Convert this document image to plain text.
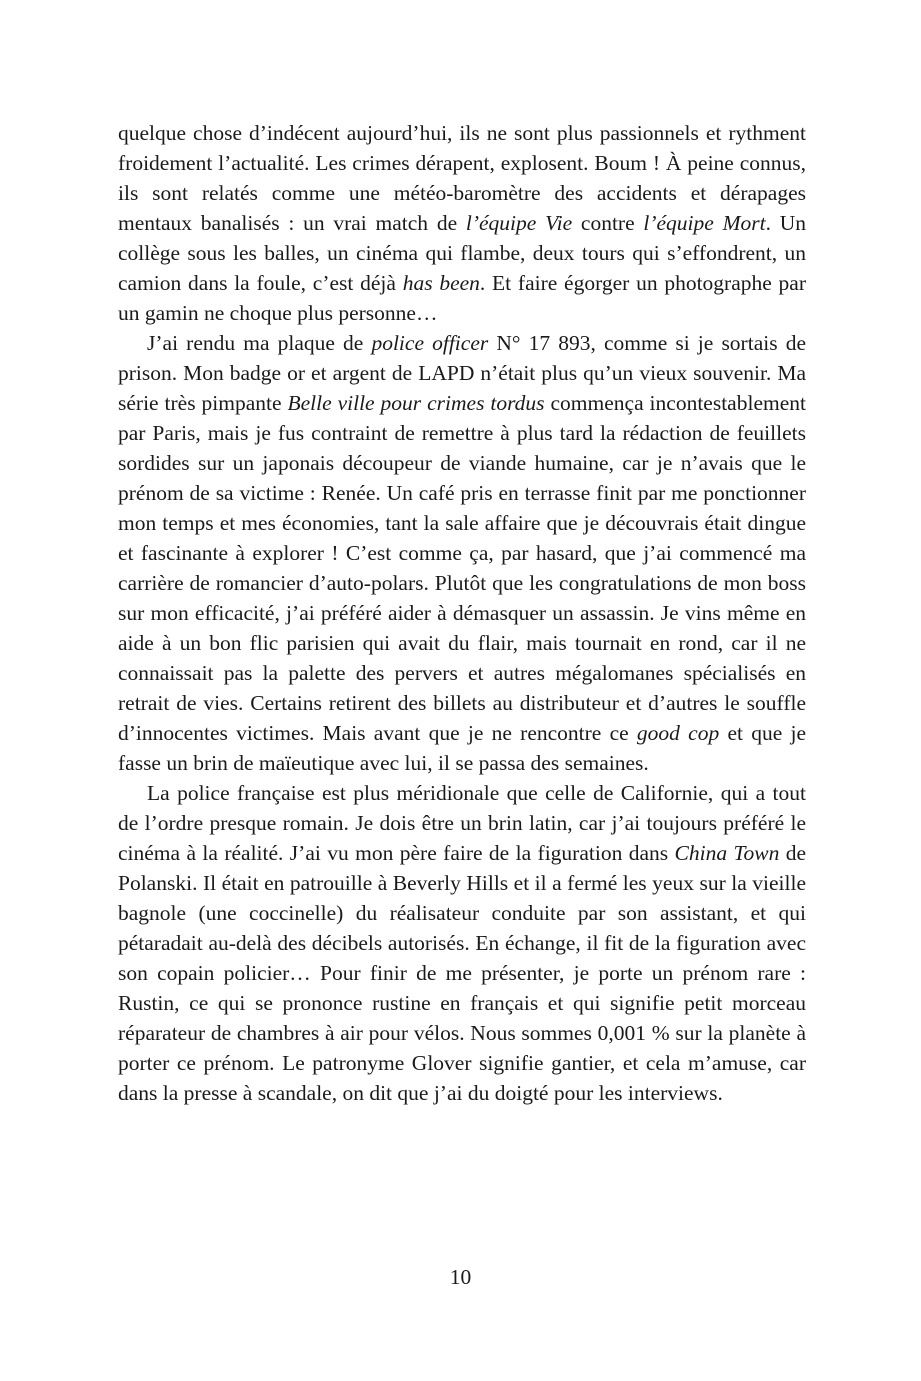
quelque chose d’indécent aujourd’hui, ils ne sont plus passionnels et rythment froidement l’actualité. Les crimes dérapent, explosent. Boum ! À peine connus, ils sont relatés comme une météo-baromètre des accidents et dérapages mentaux banalisés : un vrai match de l’équipe Vie contre l’équipe Mort. Un collège sous les balles, un cinéma qui flambe, deux tours qui s’effondrent, un camion dans la foule, c’est déjà has been. Et faire égorger un photographe par un gamin ne choque plus personne…

J’ai rendu ma plaque de police officer N° 17 893, comme si je sortais de prison. Mon badge or et argent de LAPD n’était plus qu’un vieux souvenir. Ma série très pimpante Belle ville pour crimes tordus commença incontestablement par Paris, mais je fus contraint de remettre à plus tard la rédaction de feuillets sordides sur un japonais découpeur de viande humaine, car je n’avais que le prénom de sa victime : Renée. Un café pris en terrasse finit par me ponctionner mon temps et mes économies, tant la sale affaire que je découvrais était dingue et fascinante à explorer ! C’est comme ça, par hasard, que j’ai commencé ma carrière de romancier d’auto-polars. Plutôt que les congratulations de mon boss sur mon efficacité, j’ai préféré aider à démasquer un assassin. Je vins même en aide à un bon flic parisien qui avait du flair, mais tournait en rond, car il ne connaissait pas la palette des pervers et autres mégalomanes spécialisés en retrait de vies. Certains retirent des billets au distributeur et d’autres le souffle d’innocentes victimes. Mais avant que je ne rencontre ce good cop et que je fasse un brin de maïeutique avec lui, il se passa des semaines.

La police française est plus méridionale que celle de Californie, qui a tout de l’ordre presque romain. Je dois être un brin latin, car j’ai toujours préféré le cinéma à la réalité. J’ai vu mon père faire de la figuration dans China Town de Polanski. Il était en patrouille à Beverly Hills et il a fermé les yeux sur la vieille bagnole (une coccinelle) du réalisateur conduite par son assistant, et qui pétaradait au-delà des décibels autorisés. En échange, il fit de la figuration avec son copain policier… Pour finir de me présenter, je porte un prénom rare : Rustin, ce qui se prononce rustine en français et qui signifie petit morceau réparateur de chambres à air pour vélos. Nous sommes 0,001 % sur la planète à porter ce prénom. Le patronyme Glover signifie gantier, et cela m’amuse, car dans la presse à scandale, on dit que j’ai du doigté pour les interviews.

10
